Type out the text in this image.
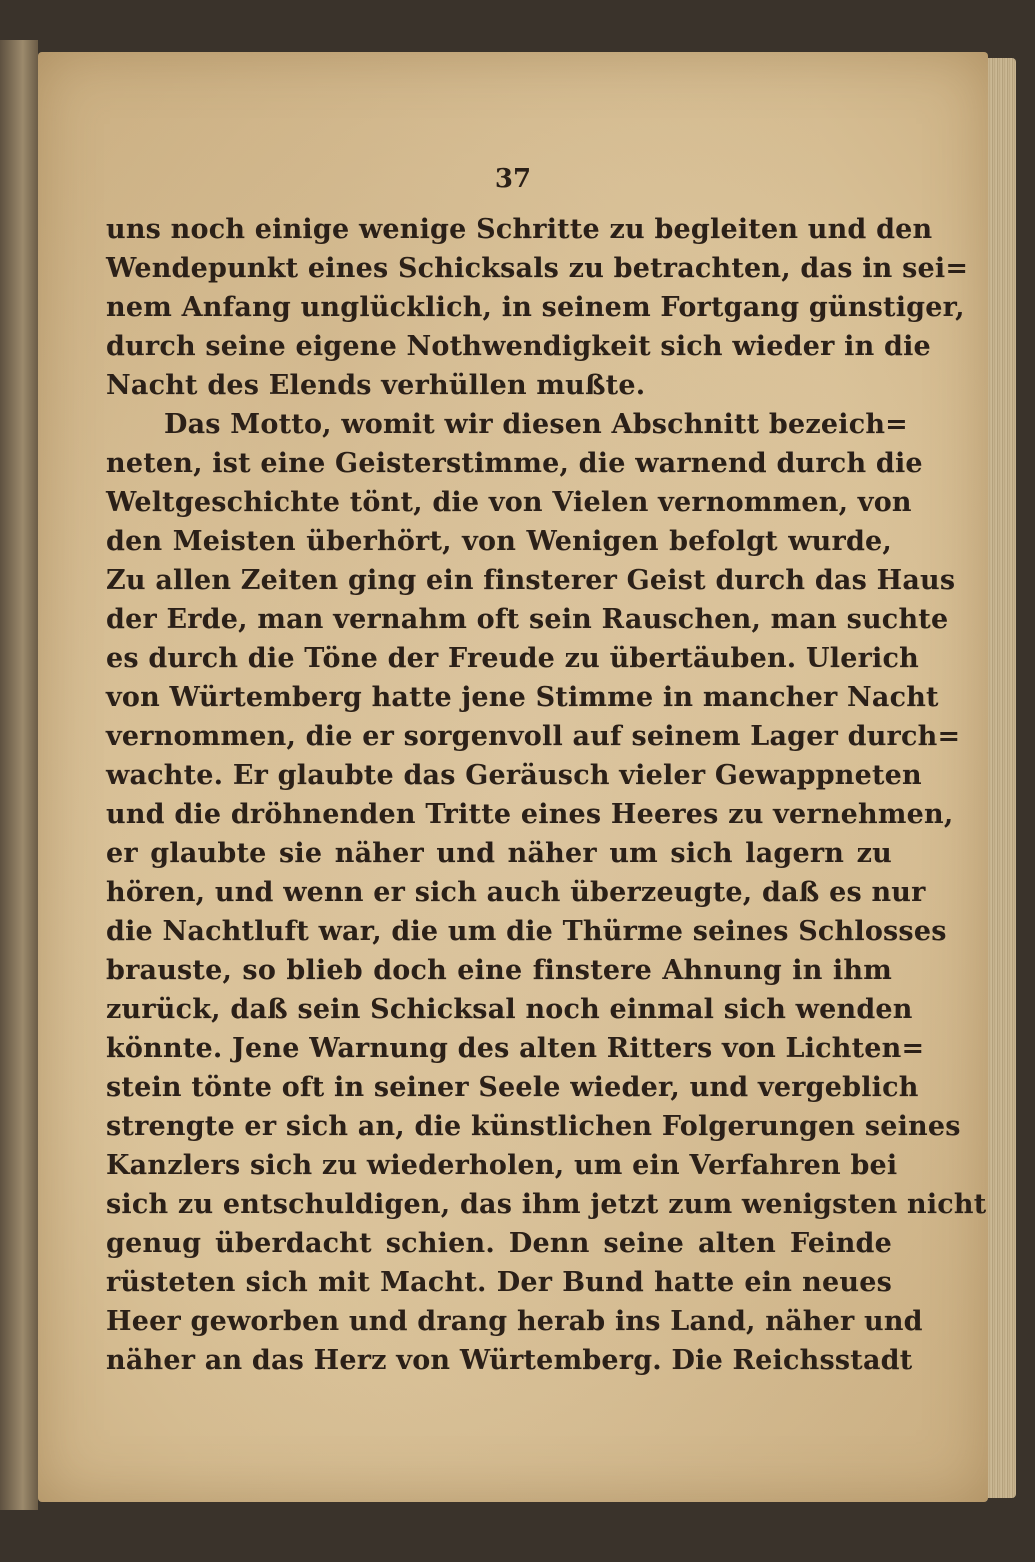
37
uns noch einige wenige Schritte zu begleiten und den
Wendepunkt eines Schicksals zu betrachten, das in sei=
nem Anfang unglücklich, in seinem Fortgang günstiger,
durch seine eigene Nothwendigkeit sich wieder in die
Nacht des Elends verhüllen mußte.
Das Motto, womit wir diesen Abschnitt bezeich=
neten, ist eine Geisterstimme, die warnend durch die
Weltgeschichte tönt, die von Vielen vernommen, von
den Meisten überhört, von Wenigen befolgt wurde,
Zu allen Zeiten ging ein finsterer Geist durch das Haus
der Erde, man vernahm oft sein Rauschen, man suchte
es durch die Töne der Freude zu übertäuben. Ulerich
von Würtemberg hatte jene Stimme in mancher Nacht
vernommen, die er sorgenvoll auf seinem Lager durch=
wachte. Er glaubte das Geräusch vieler Gewappneten
und die dröhnenden Tritte eines Heeres zu vernehmen,
er glaubte sie näher und näher um sich lagern zu
hören, und wenn er sich auch überzeugte, daß es nur
die Nachtluft war, die um die Thürme seines Schlosses
brauste, so blieb doch eine finstere Ahnung in ihm
zurück, daß sein Schicksal noch einmal sich wenden
könnte. Jene Warnung des alten Ritters von Lichten=
stein tönte oft in seiner Seele wieder, und vergeblich
strengte er sich an, die künstlichen Folgerungen seines
Kanzlers sich zu wiederholen, um ein Verfahren bei
sich zu entschuldigen, das ihm jetzt zum wenigsten nicht
genug überdacht schien. Denn seine alten Feinde
rüsteten sich mit Macht. Der Bund hatte ein neues
Heer geworben und drang herab ins Land, näher und
näher an das Herz von Würtemberg. Die Reichsstadt
